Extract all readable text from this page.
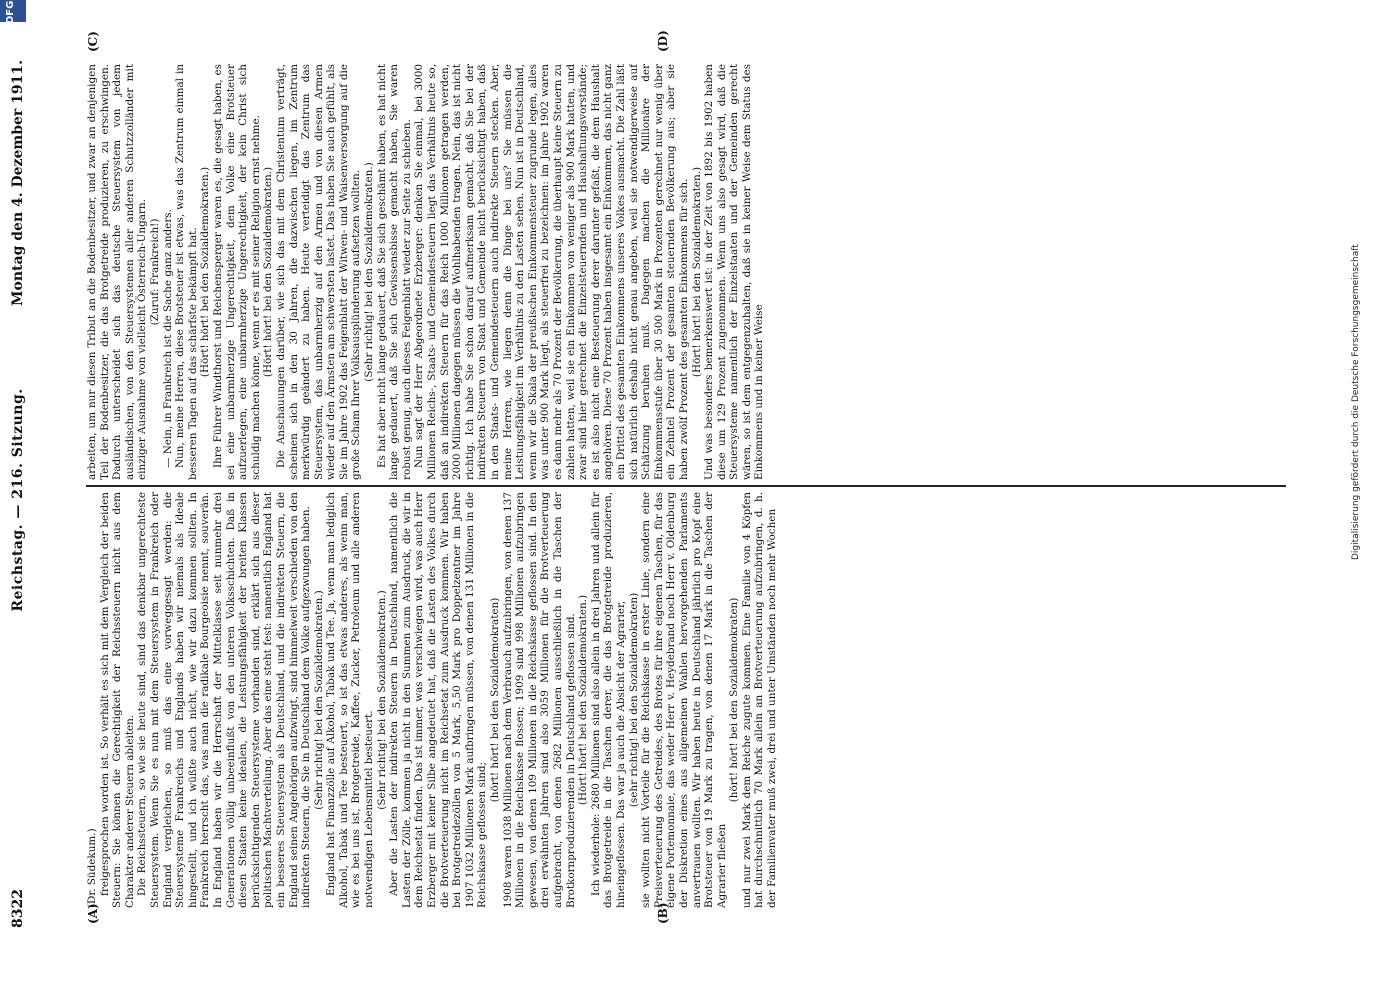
8322
Reichstag. — 216. Sitzung.
Montag den 4. Dezember 1911.
(A)	(B)
(C)	(D)

(Dr. Südekum.) freigesprochen worden ist. So verhält es sich mit dem Vergleich der beiden Steuern: Sie können die Gerechtigkeit der Reichssteuern nicht aus dem Charakter anderer Steuern ableiten. Die Reichssteuern, so wie sie heute sind, sind das denkbar ungerechteste Steuersystem. Wenn Sie es nun mit dem Steuersystem in Frankreich oder England vergleichen, so muß das eine vorweggesagt werden: die Steuersysteme Frankreichs und Englands haben wir niemals als Ideale hingestellt, und ich wüßte auch nicht, wie wir dazu kommen sollten. In Frankreich herrscht das, was man die radikale Bourgeoisie nennt, souverän. In England haben wir die Herrschaft der Mittelklasse seit nunmehr drei Generationen völlig unbeeinflußt von den unteren Volksschichten. Daß in diesen Staaten keine idealen, die Leistungsfähigkeit der breiten Klassen berücksichtigenden Steuersysteme vorhanden sind, erklärt sich aus dieser politischen Machtverteilung. Aber das eine steht fest: namentlich England hat ein besseres Steuersystem als Deutschland, und die indirekten Steuern, die England seinen Angehörigen aufzwingt, sind himmelweit verschieden von den indirekten Steuern, die Sie in Deutschland dem Volke aufgezwungen haben. (Sehr richtig! bei den Sozialdemokraten.) England hat Finanzzölle auf Alkohol, Tabak und Tee. Ja, wenn man lediglich Alkohol, Tabak und Tee besteuert, so ist das etwas anderes, als wenn man, wie es bei uns ist, Brotgetreide, Kaffee, Zucker, Petroleum und alle anderen notwendigen Lebensmittel besteuert. (Sehr richtig! bei den Sozialdemokraten.) Aber die Lasten der indirekten Steuern in Deutschland, namentlich die Lasten der Zölle, kommen ja nicht in den Summen zum Ausdruck, die wir in dem Reichsetat finden. Das ist immer, was verschwiegen wird, was auch Herr Erzberger mit keiner Silbe angedeutet hat, daß die Lasten des Volkes durch die Brotverteuerung nicht im Reichsetat zum Ausdruck kommen. Wir haben bei Brotgetreidezöllen von 5 Mark, 5,50 Mark pro Doppelzentner im Jahre 1907 1032 Millionen Mark aufbringen müssen, von denen 131 Millionen in die Reichskasse geflossen sind;

(hört! hört! bei den Sozialdemokraten) 1908 waren 1038 Millionen nach dem Verbrauch aufzubringen, von denen 137 Millionen in die Reichskasse flossen; 1909 sind 998 Millionen aufzubringen gewesen, von denen 109 Millionen in die Reichskasse geflossen sind. In den drei erwähnten Jahren sind also 3059 Millionen für die Brotverteuerung aufgebracht, von denen 2682 Millionen ausschließlich in die Taschen der Brotkornproduzierenden in Deutschland geflossen sind. (Hört! hört! bei den Sozialdemokraten.) Ich wiederhole: 2680 Millionen sind also allein in drei Jahren und allein für das Brotgetreide in die Taschen derer, die das Brotgetreide produzieren, hineingeflossen. Das war ja auch die Absicht der Agrarier, (sehr richtig! bei den Sozialdemokraten) sie wollten nicht Vorteile für die Reichskasse in erster Linie, sondern eine Preisverteuerung des Getreides, des Brotes für ihre eigenen Taschen, für das eigene Portemonnaie, das weder Herr v. Heydebrand noch Herr v. Oldenburg der Diskretion eines aus allgemeinen Wahlen hervorgehenden Parlaments anvertrauen wollten. Wir haben heute in Deutschland jährlich pro Kopf eine Brotsteuer von 19 Mark zu tragen, von denen 17 Mark in die Taschen der Agrarier fließen

(hört! hört! bei den Sozialdemokraten) und nur zwei Mark dem Reiche zugute kommen. Eine Familie von 4 Köpfen hat durchschnittlich 70 Mark allein an Brotverteuerung aufzubringen, d. h. der Familienvater muß zwei, drei und unter Umständen noch mehr Wochen

arbeiten, um nur diesen Tribut an die Bodenbesitzer, und zwar an denjenigen Teil der Bodenbesitzer, die das Brotgetreide produzieren, zu erschwingen. Dadurch unterscheidet sich das deutsche Steuersystem von jedem ausländischen, von den Steuersystemen aller anderen Schutzzolländer mit einziger Ausnahme von vielleicht Österreich-Ungarn. (Zuruf: Frankreich!) — Nein, in Frankreich ist die Sache ganz anders. Nun, meine Herren, diese Brotsteuer ist etwas, was das Zentrum einmal in besseren Tagen auf das schärfste bekämpft hat. (Hört! hört! bei den Sozialdemokraten.) Ihre Führer Windthorst und Reichensperger waren es, die gesagt haben, es sei eine unbarmherzige Ungerechtigkeit, dem Volke eine Brotsteuer aufzuerlegen, eine unbarmherzige Ungerechtigkeit, der kein Christ sich schuldig machen könne, wenn er es mit seiner Religion ernst nehme. (Hört! hört! bei den Sozialdemokraten.) Die Anschauungen darüber, wie sich das mit dem Christentum verträgt, scheinen sich in den 30 Jahren, die dazwischen liegen, im Zentrum merkwürdig geändert zu haben. Heute verteidigt das Zentrum das Steuersystem, das unbarmherzig auf den Armen und von diesen Armen wieder auf den Ärmsten am schwersten lastet. Das haben Sie auch gefühlt, als Sie im Jahre 1902 das Feigenblatt der Witwen- und Waisenversorgung auf die große Scham Ihrer Volksausplünderung aufsetzen wollten. (Sehr richtig! bei den Sozialdemokraten.) Es hat aber nicht lange gedauert, daß Sie sich geschämt haben, es hat nicht lange gedauert, daß Sie sich Gewissensbisse gemacht haben, Sie waren robust genug, auch dieses Feigenblatt wieder zur Seite zu schieben. Nun sagt der Herr Abgeordnete Erzberger: denken Sie einmal, bei 3000 Millionen Reichs-, Staats- und Gemeindesteuern liegt das Verhältnis heute so, daß an indirekten Steuern für das Reich 1000 Millionen getragen werden, 2000 Millionen dagegen müssen die Wohlhabenden tragen. Nein, das ist nicht richtig. Ich habe Sie schon darauf aufmerksam gemacht, daß Sie bei der indirekten Steuern von Staat und Gemeinde nicht berücksichtigt haben, daß in den Staats- und Gemeindesteuern auch indirekte Steuern stecken. Aber, meine Herren, wie liegen denn die Dinge bei uns? Sie müssen die Leistungsfähigkeit im Verhältnis zu den Lasten sehen. Nun ist in Deutschland, wenn wir die Skala der preußischen Einkommensteuer zugrunde legen, alles was unter 900 Mark liegt, als steuerfrei zu bezeichnen: im Jahre 1902 waren es dann mehr als 70 Prozent der Bevölkerung, die überhaupt keine Steuern zu zahlen hatten, weil sie ein Einkommen von weniger als 900 Mark hatten, und zwar sind hier gerechnet die Einzelsteuernden und Haushaltungsvorstände; es ist also nicht eine Besteuerung derer darunter gefaßt, die dem Haushalt angehören. Diese 70 Prozent haben insgesamt ein Einkommen, das nicht ganz ein Drittel des gesamten Einkommens unseres Volkes ausmacht. Die Zahl läßt sich natürlich deshalb nicht genau angeben, weil sie notwendigerweise auf Schätzung beruhen muß. Dagegen machen die Millionäre der Einkommensstufe über 30 500 Mark in Prozenten gerechnet nur wenig über ein Zehntel Prozent der gesamten steuernden Bevölkerung aus; aber sie haben zwölf Prozent des gesamten Einkommens für sich. (Hört! hört! bei den Sozialdemokraten.) Und was besonders bemerkenswert ist: in der Zeit von 1892 bis 1902 haben diese um 129 Prozent zugenommen. Wenn uns also gesagt wird, daß die Steuersysteme namentlich der Einzelstaaten und der Gemeinden gerecht wären, so ist dem entgegenzuhalten, daß sie in keiner Weise dem Status des Einkommens und in keiner Weise

DFG
Digitalisierung gefördert durch die Deutsche Forschungsgemeinschaft
